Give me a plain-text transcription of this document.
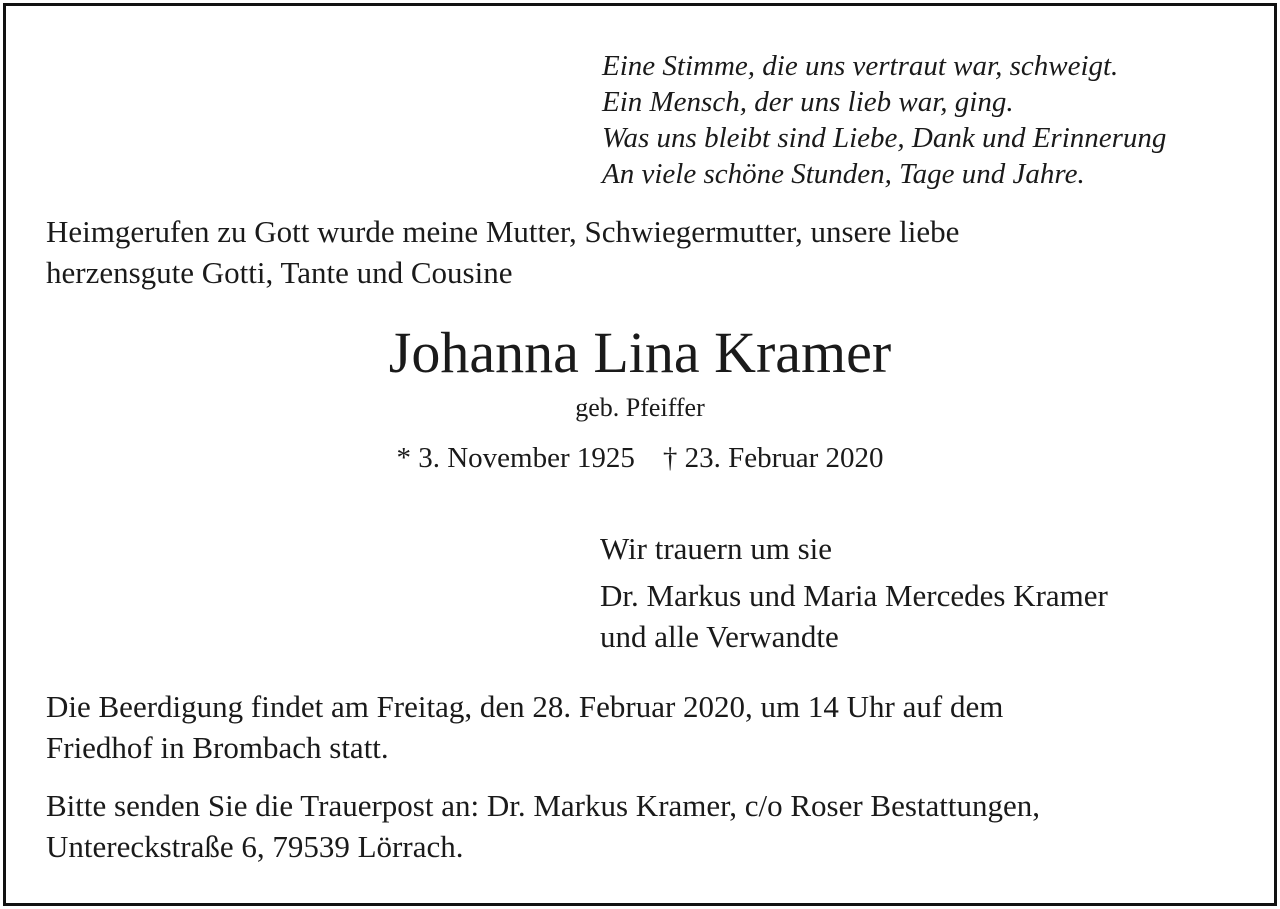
Eine Stimme, die uns vertraut war, schweigt.
Ein Mensch, der uns lieb war, ging.
Was uns bleibt sind Liebe, Dank und Erinnerung
An viele schöne Stunden, Tage und Jahre.
Heimgerufen zu Gott wurde meine Mutter, Schwiegermutter, unsere liebe
herzensgute Gotti, Tante und Cousine
Johanna Lina Kramer
geb. Pfeiffer
* 3. November 1925 † 23. Februar 2020
Wir trauern um sie
Dr. Markus und Maria Mercedes Kramer
und alle Verwandte
Die Beerdigung findet am Freitag, den 28. Februar 2020, um 14 Uhr auf dem
Friedhof in Brombach statt.
Bitte senden Sie die Trauerpost an: Dr. Markus Kramer, c/o Roser Bestattungen,
Untereckstraße 6, 79539 Lörrach.
